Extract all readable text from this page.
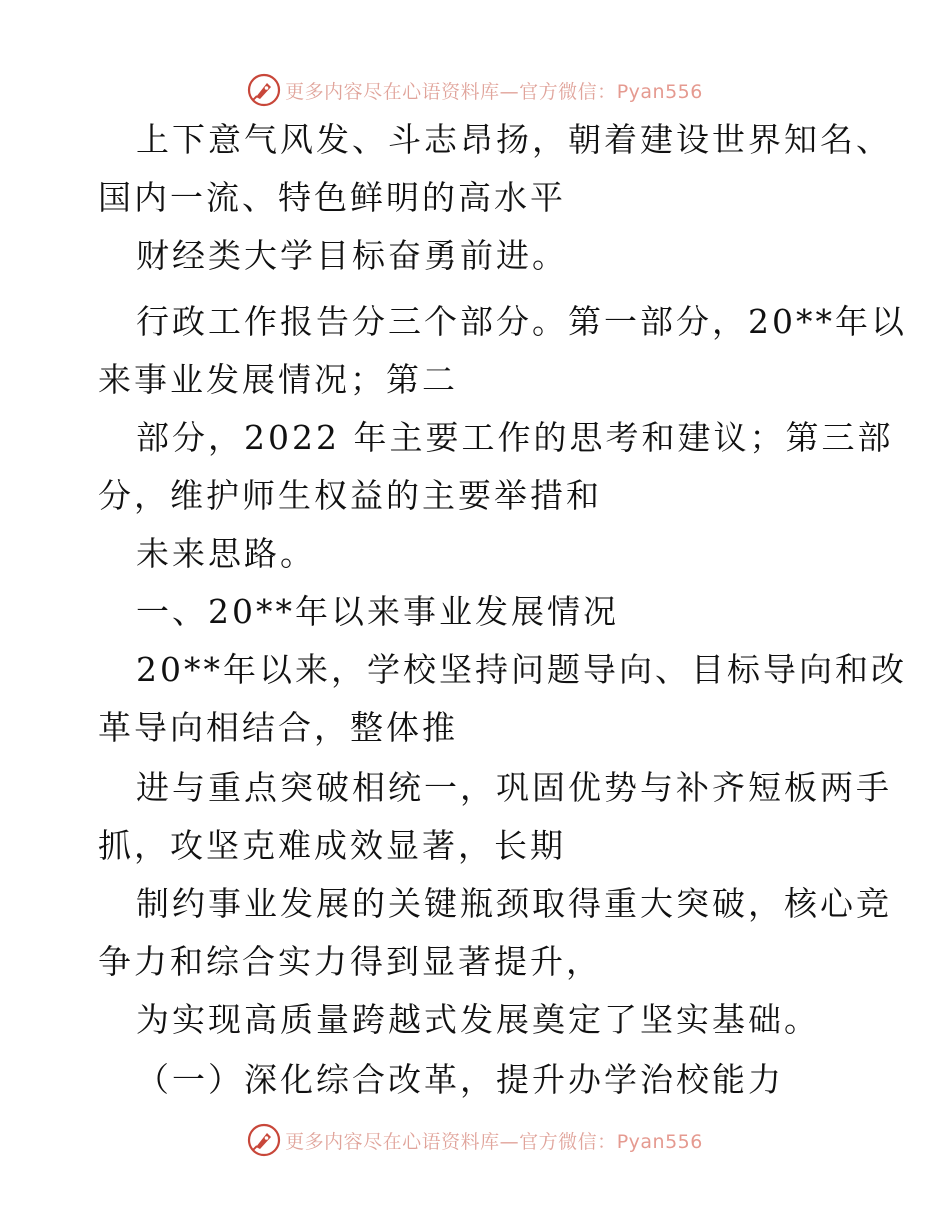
更多内容尽在心语资料库—官方微信：Pyan556
上下意气风发、斗志昂扬，朝着建设世界知名、
国内一流、特色鲜明的高水平
财经类大学目标奋勇前进。
行政工作报告分三个部分。第一部分，20**年以
来事业发展情况；第二
部分，2022 年主要工作的思考和建议；第三部
分，维护师生权益的主要举措和
未来思路。
一、20**年以来事业发展情况
20**年以来，学校坚持问题导向、目标导向和改
革导向相结合，整体推
进与重点突破相统一，巩固优势与补齐短板两手
抓，攻坚克难成效显著，长期
制约事业发展的关键瓶颈取得重大突破，核心竞
争力和综合实力得到显著提升，
为实现高质量跨越式发展奠定了坚实基础。
（一）深化综合改革，提升办学治校能力
更多内容尽在心语资料库—官方微信：Pyan556
